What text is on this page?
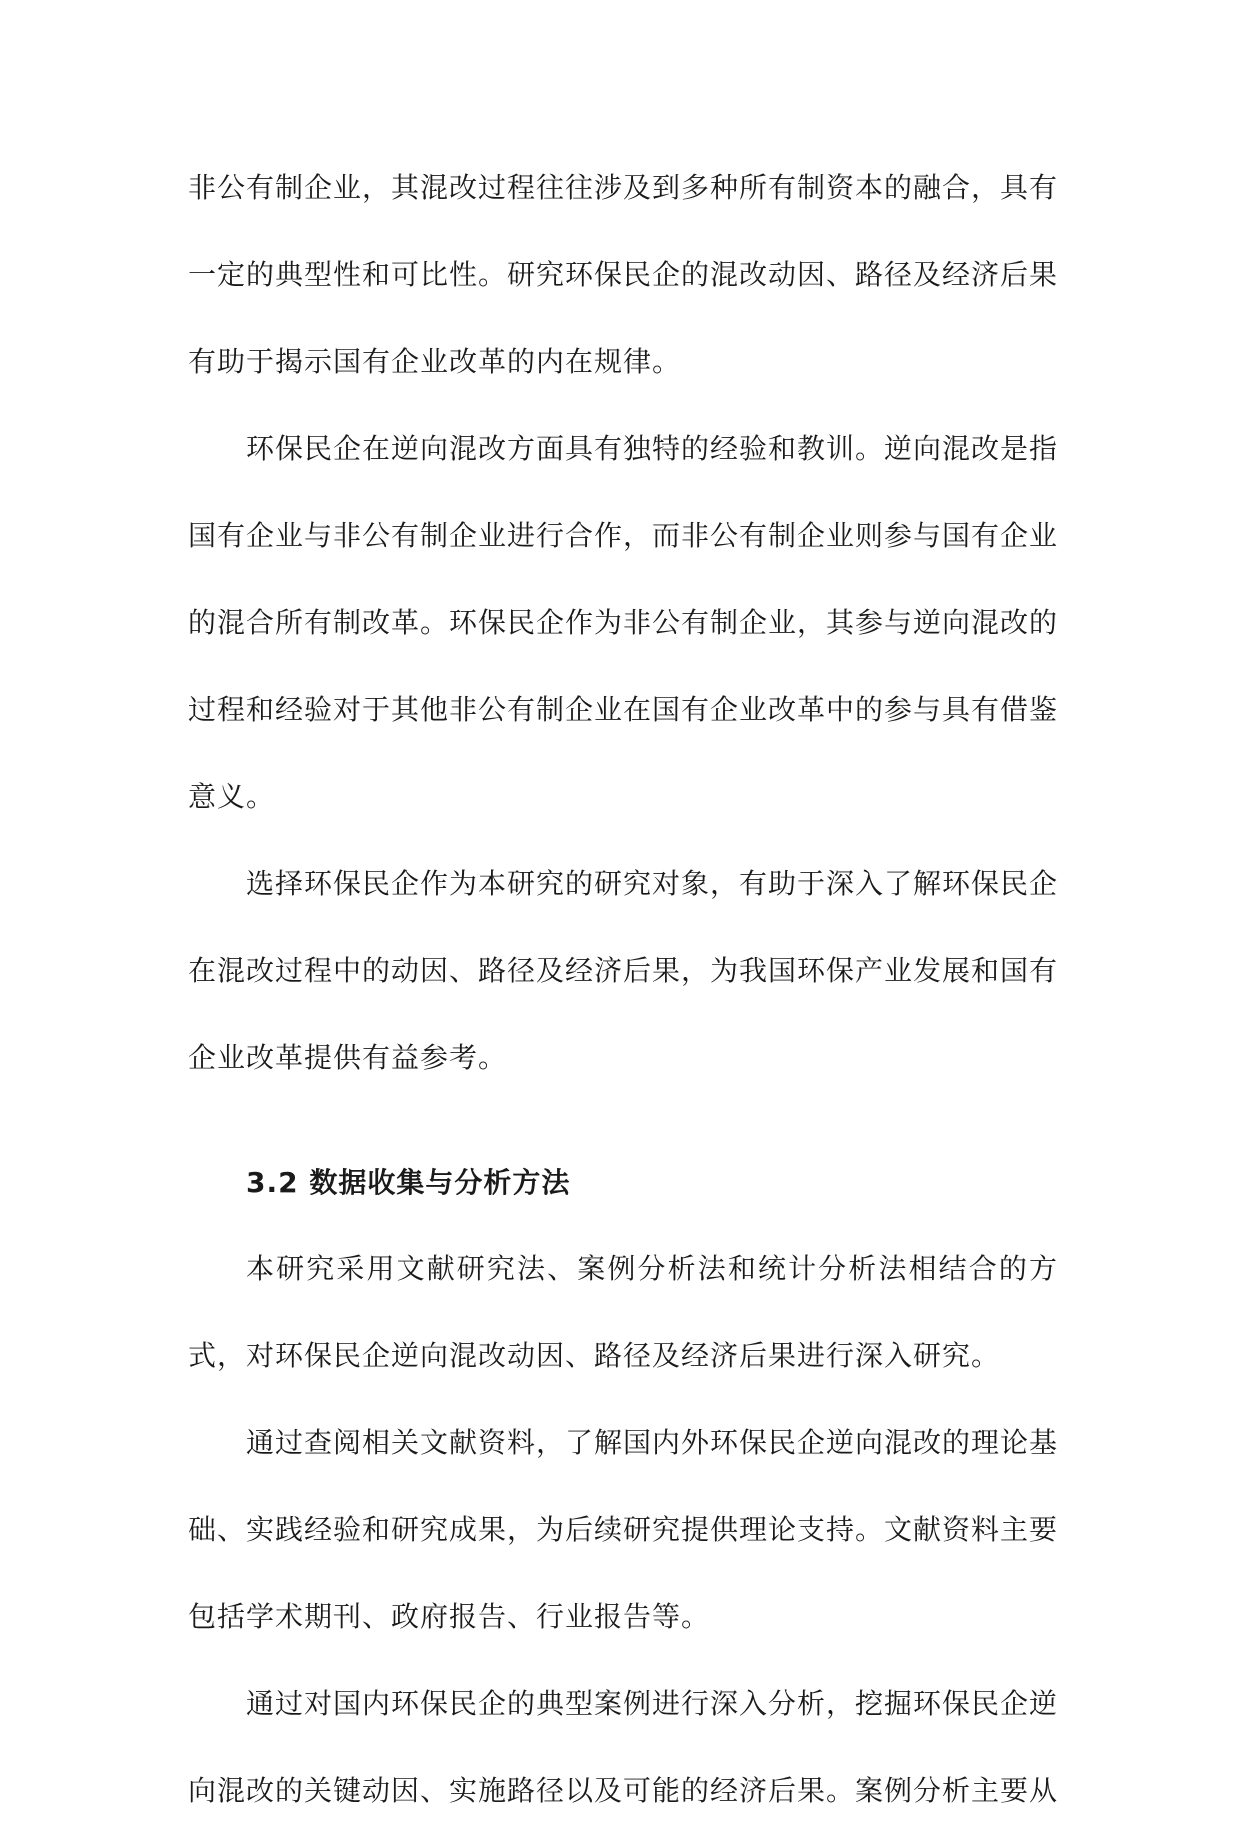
非公有制企业，其混改过程往往涉及到多种所有制资本的融合，具有一定的典型性和可比性。研究环保民企的混改动因、路径及经济后果有助于揭示国有企业改革的内在规律。

环保民企在逆向混改方面具有独特的经验和教训。逆向混改是指国有企业与非公有制企业进行合作，而非公有制企业则参与国有企业的混合所有制改革。环保民企作为非公有制企业，其参与逆向混改的过程和经验对于其他非公有制企业在国有企业改革中的参与具有借鉴意义。

选择环保民企作为本研究的研究对象，有助于深入了解环保民企在混改过程中的动因、路径及经济后果，为我国环保产业发展和国有企业改革提供有益参考。

3.2 数据收集与分析方法

本研究采用文献研究法、案例分析法和统计分析法相结合的方式，对环保民企逆向混改动因、路径及经济后果进行深入研究。

通过查阅相关文献资料，了解国内外环保民企逆向混改的理论基础、实践经验和研究成果，为后续研究提供理论支持。文献资料主要包括学术期刊、政府报告、行业报告等。

通过对国内环保民企的典型案例进行深入分析，挖掘环保民企逆向混改的关键动因、实施路径以及可能的经济后果。案例分析主要从
